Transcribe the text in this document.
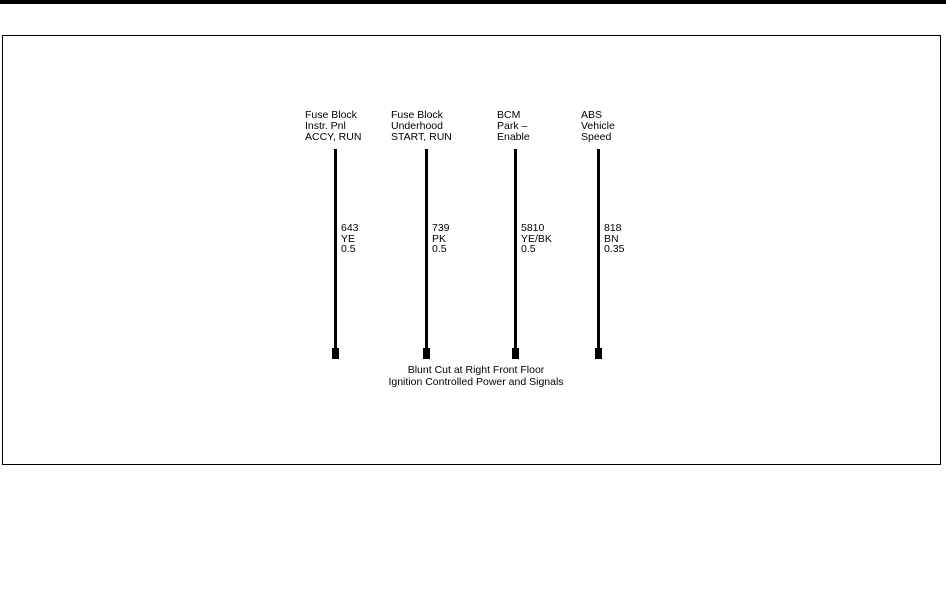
Fuse Block
Instr. Pnl
ACCY, RUN
643
YE
0.5
Fuse Block
Underhood
START, RUN
739
PK
0.5
BCM
Park –
Enable
5810
YE/BK
0.5
ABS
Vehicle
Speed
818
BN
0.35
Blunt Cut at Right Front Floor
Ignition Controlled Power and Signals
